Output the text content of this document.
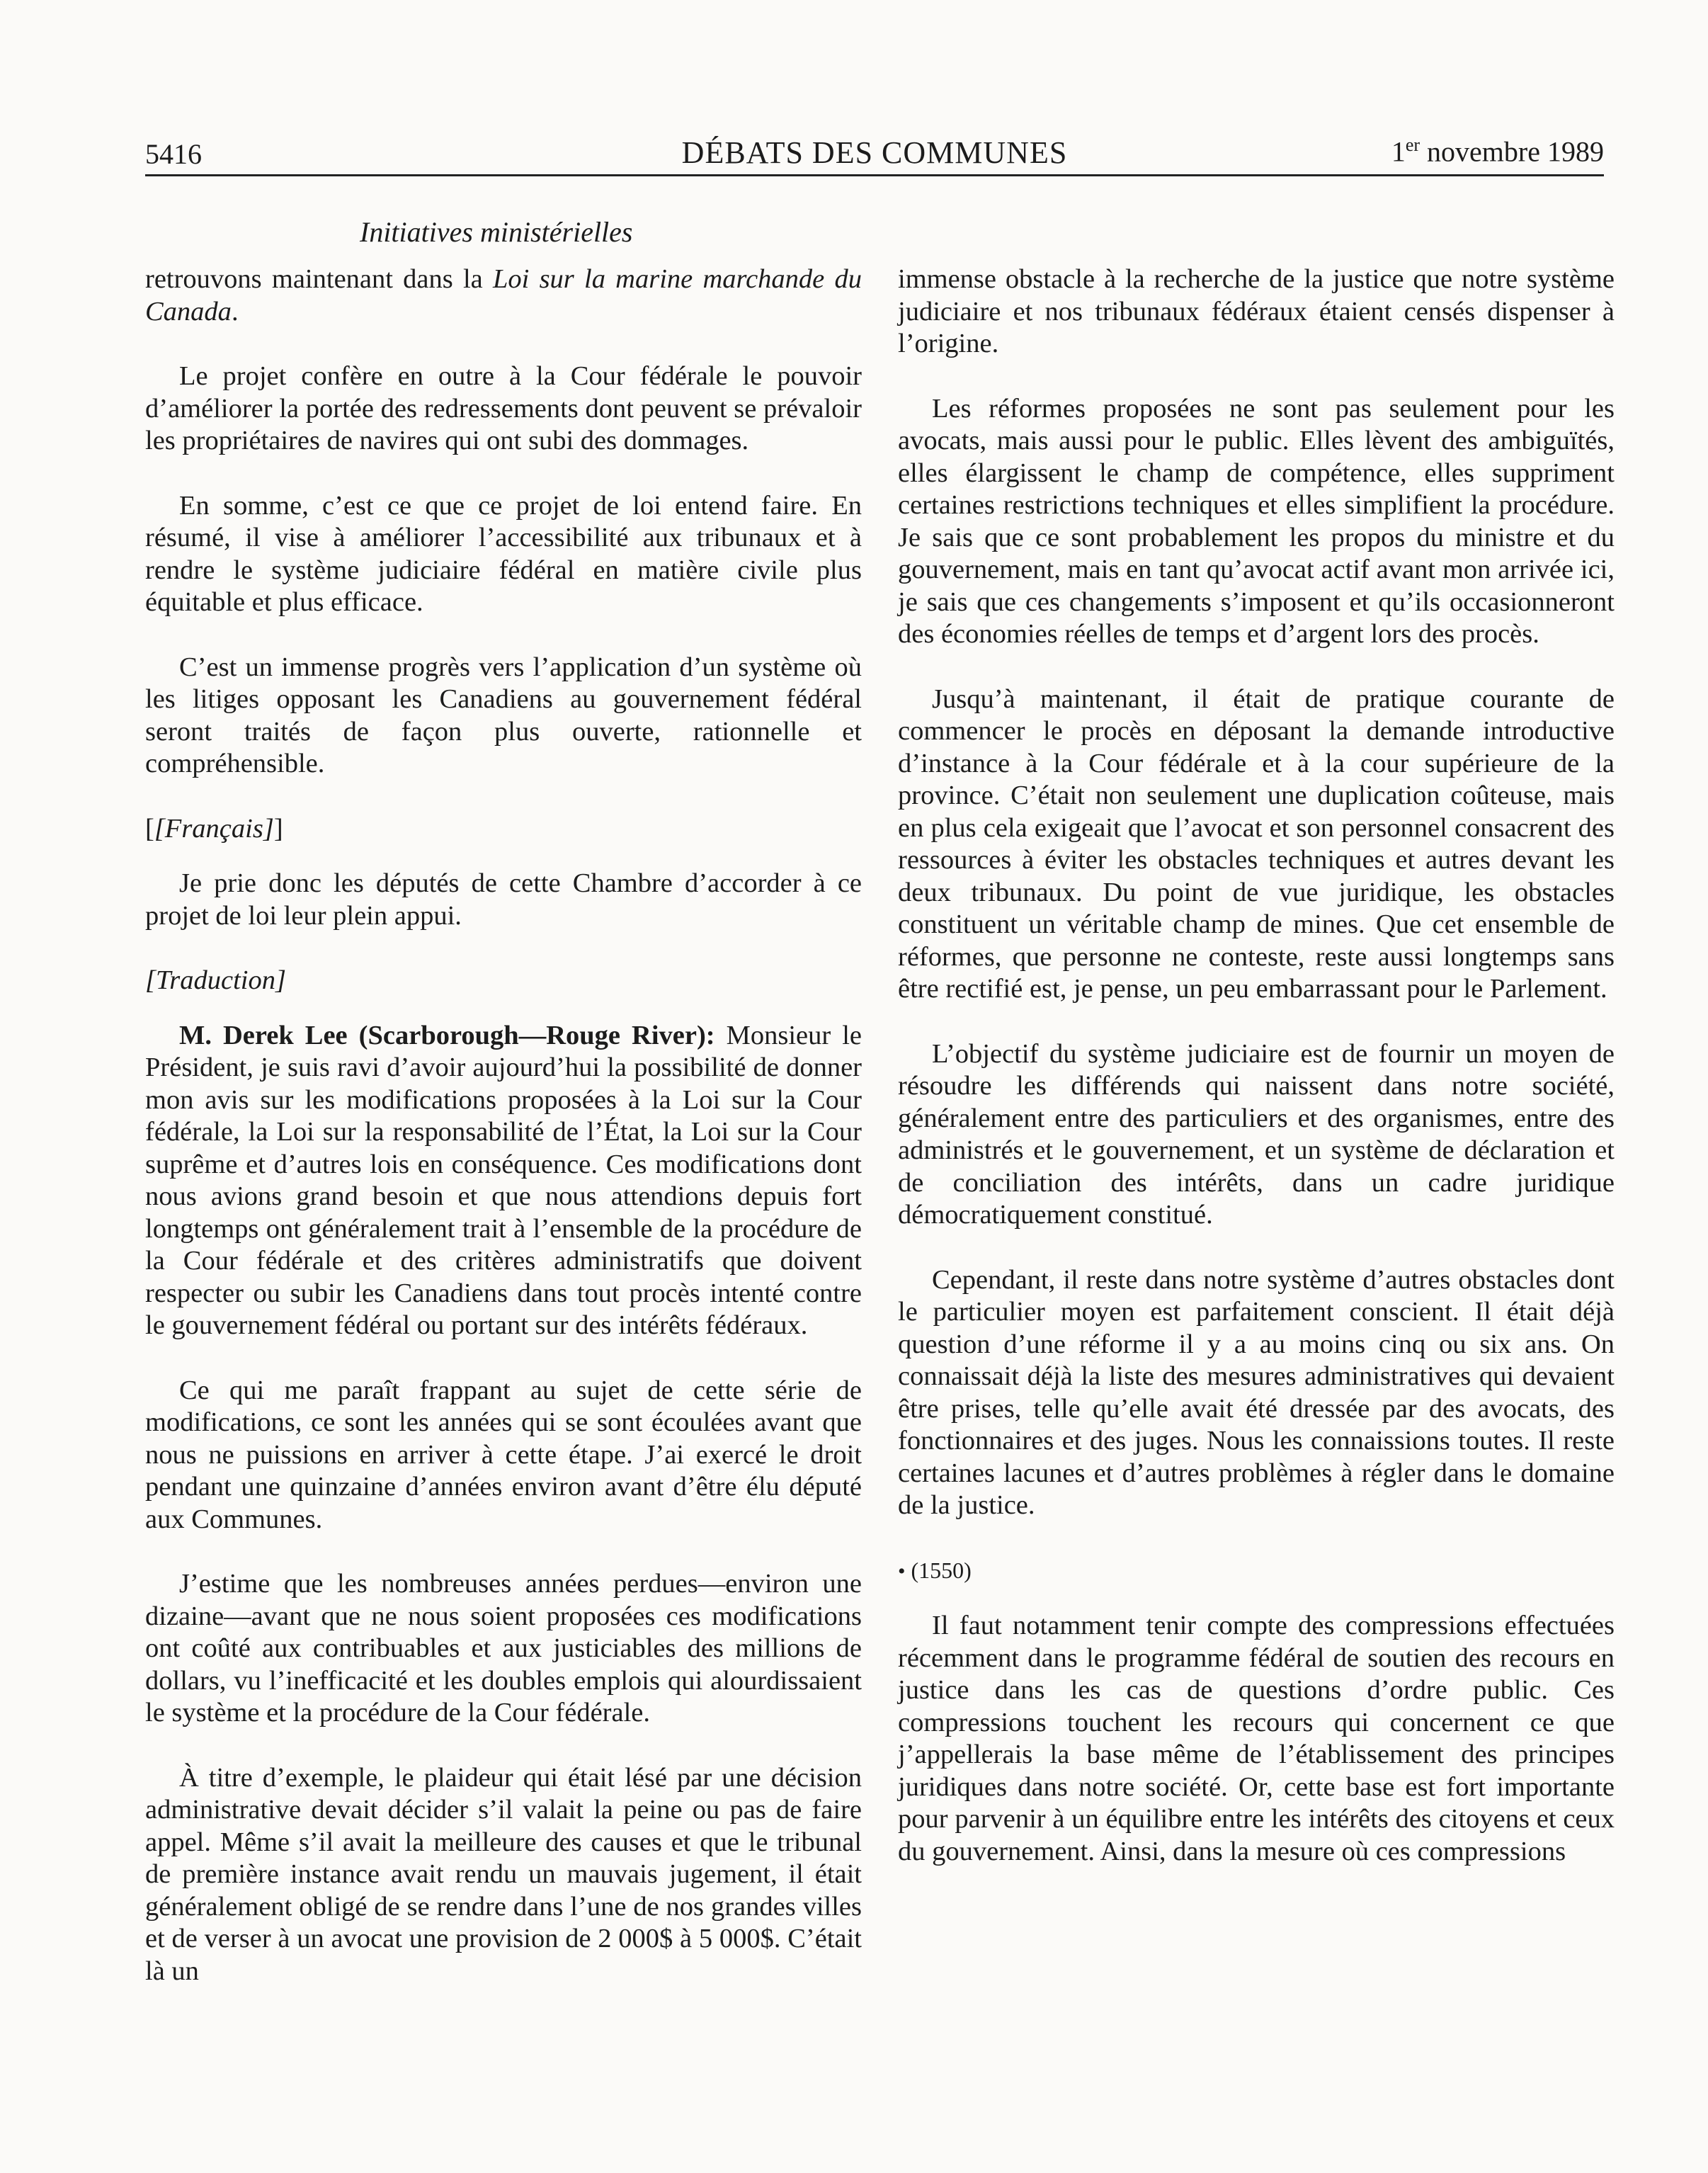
5416	DÉBATS DES COMMUNES	1er novembre 1989
Initiatives ministérielles

retrouvons maintenant dans la Loi sur la marine marchande du Canada.

Le projet confère en outre à la Cour fédérale le pouvoir d’améliorer la portée des redressements dont peuvent se prévaloir les propriétaires de navires qui ont subi des dommages.

En somme, c’est ce que ce projet de loi entend faire. En résumé, il vise à améliorer l’accessibilité aux tribunaux et à rendre le système judiciaire fédéral en matière civile plus équitable et plus efficace.

C’est un immense progrès vers l’application d’un système où les litiges opposant les Canadiens au gouvernement fédéral seront traités de façon plus ouverte, rationnelle et compréhensible.

[[Français]]

Je prie donc les députés de cette Chambre d’accorder à ce projet de loi leur plein appui.

[Traduction]

M. Derek Lee (Scarborough—Rouge River): Monsieur le Président, je suis ravi d’avoir aujourd’hui la possibilité de donner mon avis sur les modifications proposées à la Loi sur la Cour fédérale, la Loi sur la responsabilité de l’État, la Loi sur la Cour suprême et d’autres lois en conséquence. Ces modifications dont nous avions grand besoin et que nous attendions depuis fort longtemps ont généralement trait à l’ensemble de la procédure de la Cour fédérale et des critères administratifs que doivent respecter ou subir les Canadiens dans tout procès intenté contre le gouvernement fédéral ou portant sur des intérêts fédéraux.

Ce qui me paraît frappant au sujet de cette série de modifications, ce sont les années qui se sont écoulées avant que nous ne puissions en arriver à cette étape. J’ai exercé le droit pendant une quinzaine d’années environ avant d’être élu député aux Communes.

J’estime que les nombreuses années perdues—environ une dizaine—avant que ne nous soient proposées ces modifications ont coûté aux contribuables et aux justiciables des millions de dollars, vu l’inefficacité et les doubles emplois qui alourdissaient le système et la procédure de la Cour fédérale.

À titre d’exemple, le plaideur qui était lésé par une décision administrative devait décider s’il valait la peine ou pas de faire appel. Même s’il avait la meilleure des causes et que le tribunal de première instance avait rendu un mauvais jugement, il était généralement obligé de se rendre dans l’une de nos grandes villes et de verser à un avocat une provision de 2 000$ à 5 000$. C’était là un

immense obstacle à la recherche de la justice que notre système judiciaire et nos tribunaux fédéraux étaient censés dispenser à l’origine.

Les réformes proposées ne sont pas seulement pour les avocats, mais aussi pour le public. Elles lèvent des ambiguïtés, elles élargissent le champ de compétence, elles suppriment certaines restrictions techniques et elles simplifient la procédure. Je sais que ce sont probablement les propos du ministre et du gouvernement, mais en tant qu’avocat actif avant mon arrivée ici, je sais que ces changements s’imposent et qu’ils occasionneront des économies réelles de temps et d’argent lors des procès.

Jusqu’à maintenant, il était de pratique courante de commencer le procès en déposant la demande introductive d’instance à la Cour fédérale et à la cour supérieure de la province. C’était non seulement une duplication coûteuse, mais en plus cela exigeait que l’avocat et son personnel consacrent des ressources à éviter les obstacles techniques et autres devant les deux tribunaux. Du point de vue juridique, les obstacles constituent un véritable champ de mines. Que cet ensemble de réformes, que personne ne conteste, reste aussi longtemps sans être rectifié est, je pense, un peu embarrassant pour le Parlement.

L’objectif du système judiciaire est de fournir un moyen de résoudre les différends qui naissent dans notre société, généralement entre des particuliers et des organismes, entre des administrés et le gouvernement, et un système de déclaration et de conciliation des intérêts, dans un cadre juridique démocratiquement constitué.

Cependant, il reste dans notre système d’autres obstacles dont le particulier moyen est parfaitement conscient. Il était déjà question d’une réforme il y a au moins cinq ou six ans. On connaissait déjà la liste des mesures administratives qui devaient être prises, telle qu’elle avait été dressée par des avocats, des fonctionnaires et des juges. Nous les connaissions toutes. Il reste certaines lacunes et d’autres problèmes à régler dans le domaine de la justice.

• (1550)

Il faut notamment tenir compte des compressions effectuées récemment dans le programme fédéral de soutien des recours en justice dans les cas de questions d’ordre public. Ces compressions touchent les recours qui concernent ce que j’appellerais la base même de l’établissement des principes juridiques dans notre société. Or, cette base est fort importante pour parvenir à un équilibre entre les intérêts des citoyens et ceux du gouvernement. Ainsi, dans la mesure où ces compressions
